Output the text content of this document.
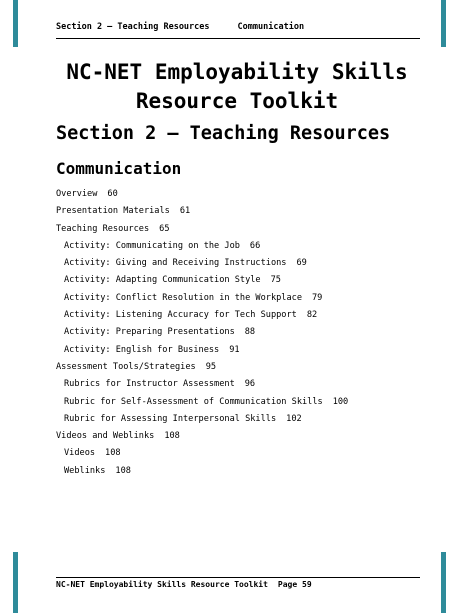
Section 2 – Teaching Resources	Communication
NC-NET Employability Skills Resource Toolkit
Section 2 – Teaching Resources
Communication
Overview 60
Presentation Materials 61
Teaching Resources 65
Activity: Communicating on the Job 66
Activity: Giving and Receiving Instructions 69
Activity: Adapting Communication Style 75
Activity: Conflict Resolution in the Workplace 79
Activity: Listening Accuracy for Tech Support 82
Activity: Preparing Presentations 88
Activity: English for Business 91
Assessment Tools/Strategies 95
Rubrics for Instructor Assessment 96
Rubric for Self-Assessment of Communication Skills 100
Rubric for Assessing Interpersonal Skills 102
Videos and Weblinks 108
Videos 108
Weblinks 108
NC-NET Employability Skills Resource Toolkit Page 59
